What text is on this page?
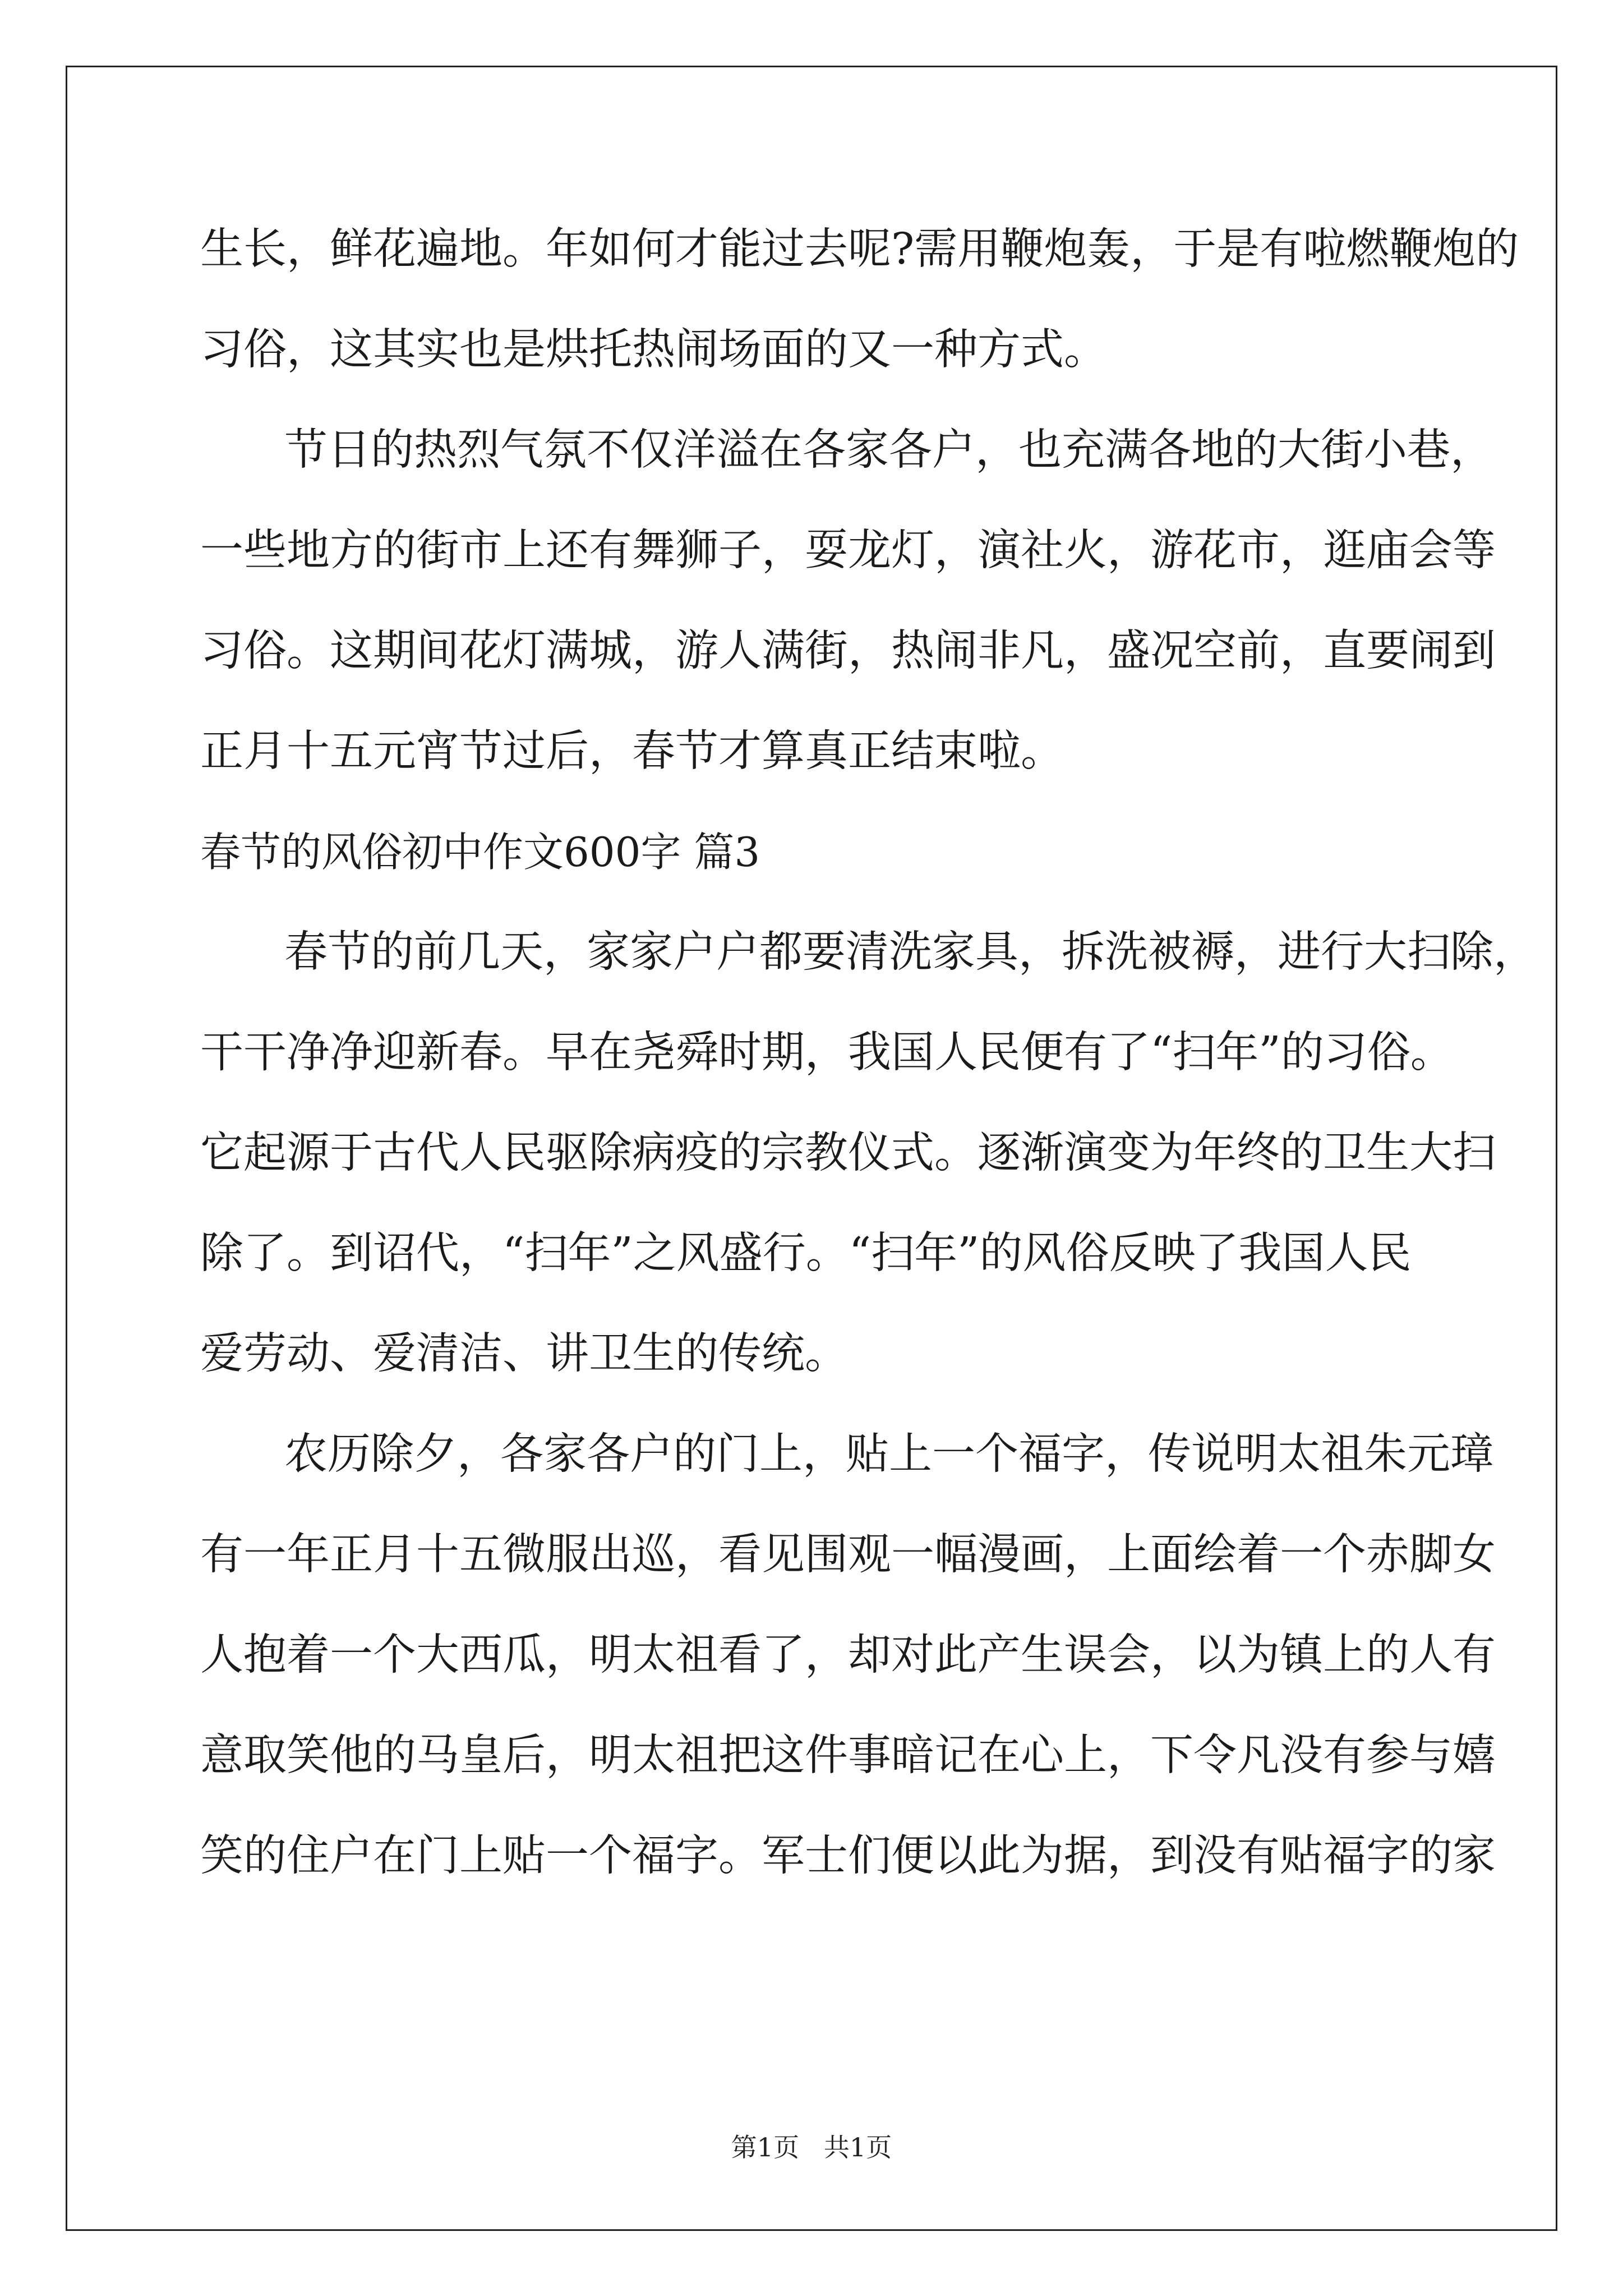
生长，鲜花遍地。年如何才能过去呢?需用鞭炮轰，于是有啦燃鞭炮的
习俗，这其实也是烘托热闹场面的又一种方式。
节日的热烈气氛不仅洋溢在各家各户，也充满各地的大街小巷，
一些地方的街市上还有舞狮子，耍龙灯，演社火，游花市，逛庙会等
习俗。这期间花灯满城，游人满街，热闹非凡，盛况空前，直要闹到
正月十五元宵节过后，春节才算真正结束啦。
春节的风俗初中作文600字 篇3
春节的前几天，家家户户都要清洗家具，拆洗被褥，进行大扫除，
干干净净迎新春。早在尧舜时期，我国人民便有了“扫年”的习俗。
它起源于古代人民驱除病疫的宗教仪式。逐渐演变为年终的卫生大扫
除了。到诏代，“扫年”之风盛行。“扫年”的风俗反映了我国人民
爱劳动、爱清洁、讲卫生的传统。
农历除夕，各家各户的门上，贴上一个福字，传说明太祖朱元璋
有一年正月十五微服出巡，看见围观一幅漫画，上面绘着一个赤脚女
人抱着一个大西瓜，明太祖看了，却对此产生误会，以为镇上的人有
意取笑他的马皇后，明太祖把这件事暗记在心上，下令凡没有参与嬉
笑的住户在门上贴一个福字。军士们便以此为据，到没有贴福字的家
第1页   共1页
